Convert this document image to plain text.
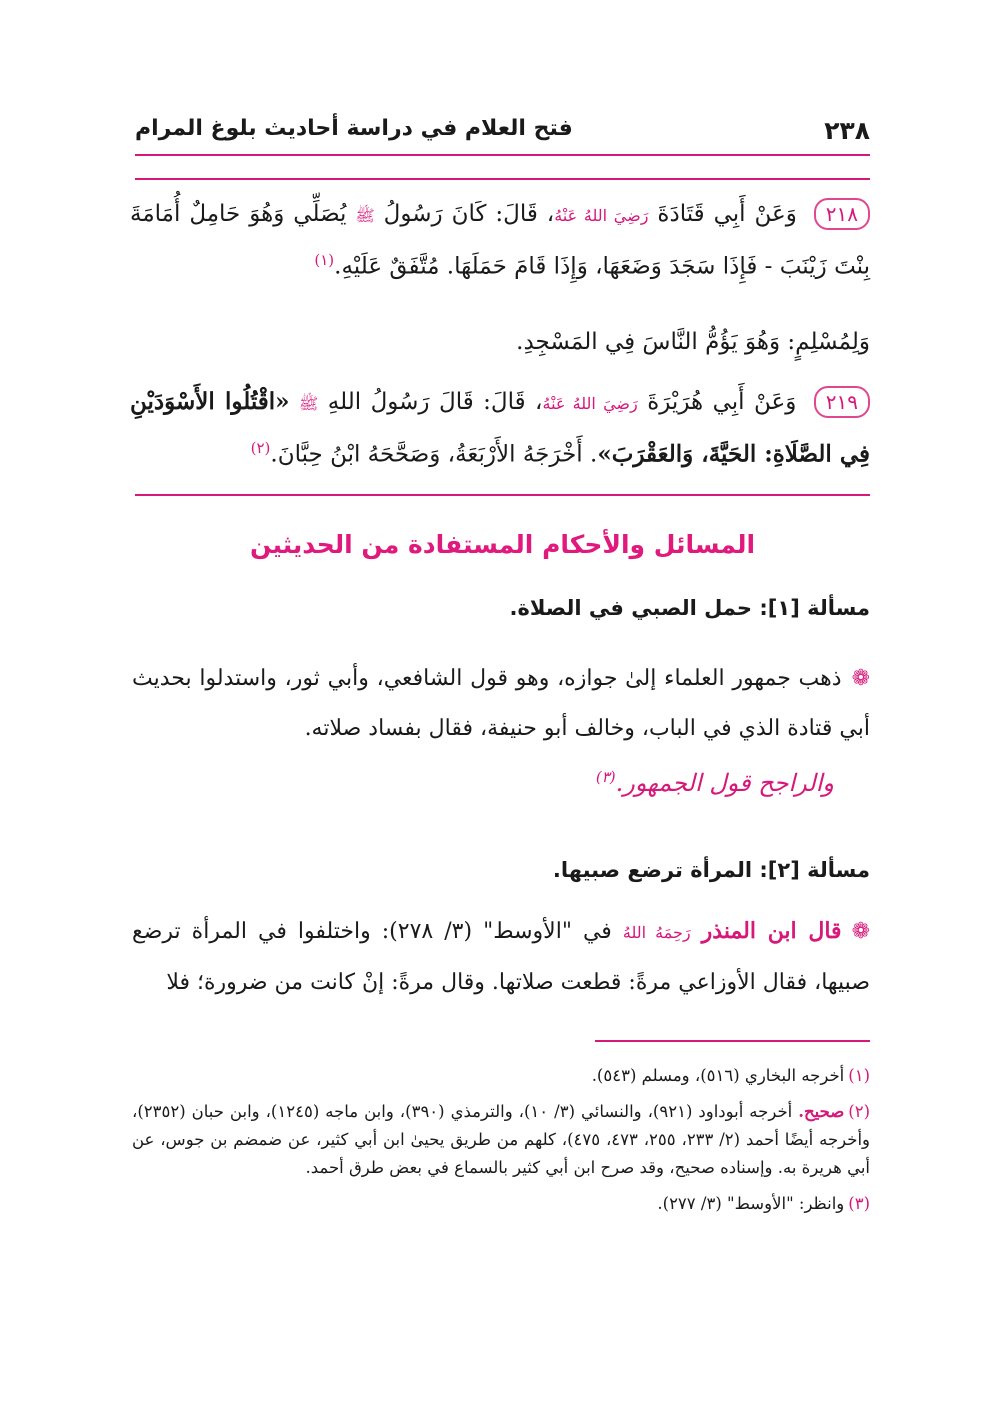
٢٣٨
فتح العلام في دراسة أحاديث بلوغ المرام
٢١٨ وَعَنْ أَبِي قَتَادَةَ رَضِيَ اللهُ عَنْهُ، قَالَ: كَانَ رَسُولُ ﷺ يُصَلِّي وَهُوَ حَامِلٌ أُمَامَةَ بِنْتَ زَيْنَبَ - فَإِذَا سَجَدَ وَضَعَهَا، وَإِذَا قَامَ حَمَلَهَا. مُتَّفَقٌ عَلَيْهِ.$^{(١)}$
وَلِمُسْلِمٍ: وَهُوَ يَؤُمُّ النَّاسَ فِي المَسْجِدِ.
٢١٩ وَعَنْ أَبِي هُرَيْرَةَ رَضِيَ اللهُ عَنْهُ، قَالَ: قَالَ رَسُولُ اللهِ ﷺ «اقْتُلُوا الأَسْوَدَيْنِ فِي الصَّلَاةِ: الحَيَّةَ، وَالعَقْرَبَ». أَخْرَجَهُ الأَرْبَعَةُ، وَصَحَّحَهُ ابْنُ حِبَّانَ.$^{(٢)}$
المسائل والأحكام المستفادة من الحديثين
مسألة [١]: حمل الصبي في الصلاة.
❁ذهب جمهور العلماء إلىٰ جوازه، وهو قول الشافعي، وأبي ثور، واستدلوا بحديث أبي قتادة الذي في الباب، وخالف أبو حنيفة، فقال بفساد صلاته.
والراجح قول الجمهور.$^{(٣)}$
مسألة [٢]: المرأة ترضع صبيها.
❁قال ابن المنذر رَحِمَهُ اللهُ في "الأوسط" (٣/ ٢٧٨): واختلفوا في المرأة ترضع صبيها، فقال الأوزاعي مرةً: قطعت صلاتها. وقال مرةً: إنْ كانت من ضرورة؛ فلا

(١)أخرجه البخاري (٥١٦)، ومسلم (٥٤٣).

(٢)صحيح. أخرجه أبوداود (٩٢١)، والنسائي (٣/ ١٠)، والترمذي (٣٩٠)، وابن ماجه (١٢٤٥)، وابن حبان (٢٣٥٢)، وأخرجه أيضًا أحمد (٢/ ٢٣٣، ٢٥٥، ٤٧٣، ٤٧٥)، كلهم من طريق يحيىٰ ابن أبي كثير، عن ضمضم بن جوس، عن أبي هريرة به. وإسناده صحيح، وقد صرح ابن أبي كثير بالسماع في بعض طرق أحمد.

(٣)وانظر: "الأوسط" (٣/ ٢٧٧).
